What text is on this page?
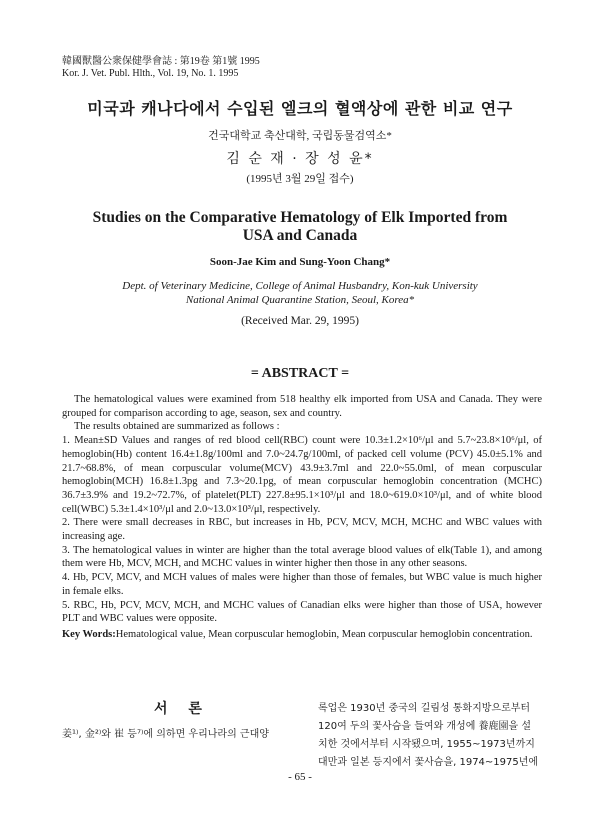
韓國獸醫公衆保健學會誌 : 第19卷 第1號 1995
Kor. J. Vet. Publ. Hlth., Vol. 19, No. 1. 1995
미국과 캐나다에서 수입된 엘크의 혈액상에 관한 비교 연구
건국대학교 축산대학, 국립동물검역소*
김 순 재 · 장 성 윤*
(1995년 3월 29일 접수)
Studies on the Comparative Hematology of Elk Imported from USA and Canada
Soon-Jae Kim and Sung-Yoon Chang*
Dept. of Veterinary Medicine, College of Animal Husbandry, Kon-kuk University
National Animal Quarantine Station, Seoul, Korea*
(Received Mar. 29, 1995)
= ABSTRACT =

The hematological values were examined from 518 healthy elk imported from USA and Canada. They were grouped for comparison according to age, season, sex and country.

The results obtained are summarized as follows :

1. Mean±SD Values and ranges of red blood cell(RBC) count were 10.3±1.2×10⁶/μl and 5.7~23.8×10⁶/μl, of hemoglobin(Hb) content 16.4±1.8g/100ml and 7.0~24.7g/100ml, of packed cell volume (PCV) 45.0±5.1% and 21.7~68.8%, of mean corpuscular volume(MCV) 43.9±3.7ml and 22.0~55.0ml, of mean corpuscular hemoglobin(MCH) 16.8±1.3pg and 7.3~20.1pg, of mean corpuscular hemoglobin concentration (MCHC) 36.7±3.9% and 19.2~72.7%, of platelet(PLT) 227.8±95.1×10³/μl and 18.0~619.0×10³/μl, and of white blood cell(WBC) 5.3±1.4×10³/μl and 2.0~13.0×10³/μl, respectively.

2. There were small decreases in RBC, but increases in Hb, PCV, MCV, MCH, MCHC and WBC values with increasing age.

3. The hematological values in winter are higher than the total average blood values of elk(Table 1), and among them were Hb, MCV, MCH, and MCHC values in winter higher then those in any other seasons.

4. Hb, PCV, MCV, and MCH values of males were higher than those of females, but WBC value is much higher in female elks.

5. RBC, Hb, PCV, MCV, MCH, and MCHC values of Canadian elks were higher than those of USA, however PLT and WBC values were opposite.

Key Words:Hematological value, Mean corpuscular hemoglobin, Mean corpuscular hemoglobin concentration.

서 론

姜¹⁾, 金²⁾와 崔 등⁷⁾에 의하면 우리나라의 근대양

록업은 1930년 중국의 길림성 통화지방으로부터

120여 두의 꽃사슴을 들여와 개성에 養鹿園을 설

치한 것에서부터 시작됐으며, 1955~1973년까지

대만과 일본 등지에서 꽃사슴을, 1974~1975년에

- 65 -
